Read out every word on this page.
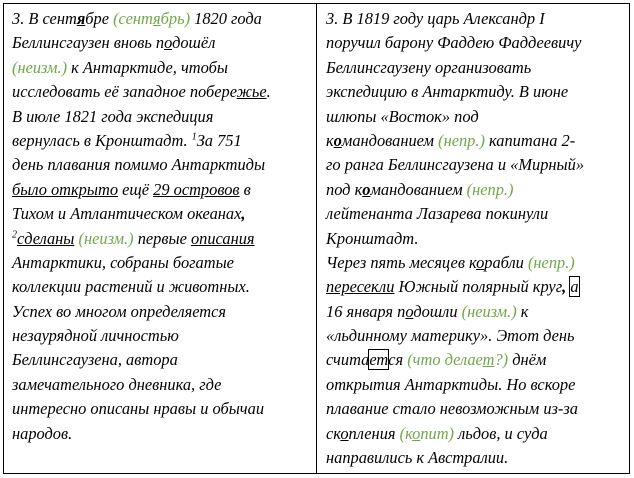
3. В сентябре (сентябрь) 1820 года
Беллинсгаузен вновь подошёл
(неизм.) к Антарктиде, чтобы
исследовать её западное побережье.
В июле 1821 года экспедиция
вернулась в Кронштадт. $^1$За 751
день плавания помимо Антарктиды
было открыто ещё 29 островов в
Тихом и Атлантическом океанах,
$^2$сделаны (неизм.) первые описания
Антарктики, собраны богатые
коллекции растений и животных.
Успех во многом определяется
незаурядной личностью
Беллинсгаузена, автора
замечательного дневника, где
интересно описаны нравы и обычаи
народов.
3. В 1819 году царь Александр I
поручил барону Фаддею Фаддеевичу
Беллинсгаузену организовать
экспедицию в Антарктиду. В июне
шлюпы «Восток» под
командованием (непр.) капитана 2-
го ранга Беллинсгаузена и «Мирный»
под командованием (непр.)
лейтенанта Лазарева покинули
Кронштадт.
Через пять месяцев корабли (непр.)
пересекли Южный полярный круг, а
16 января подошли (неизм.) к
«льдинному материку». Этот день
считается (что делает?) днём
открытия Антарктиды. Но вскоре
плавание стало невозможным из-за
скопления (копит) льдов, и суда
направились к Австралии.
